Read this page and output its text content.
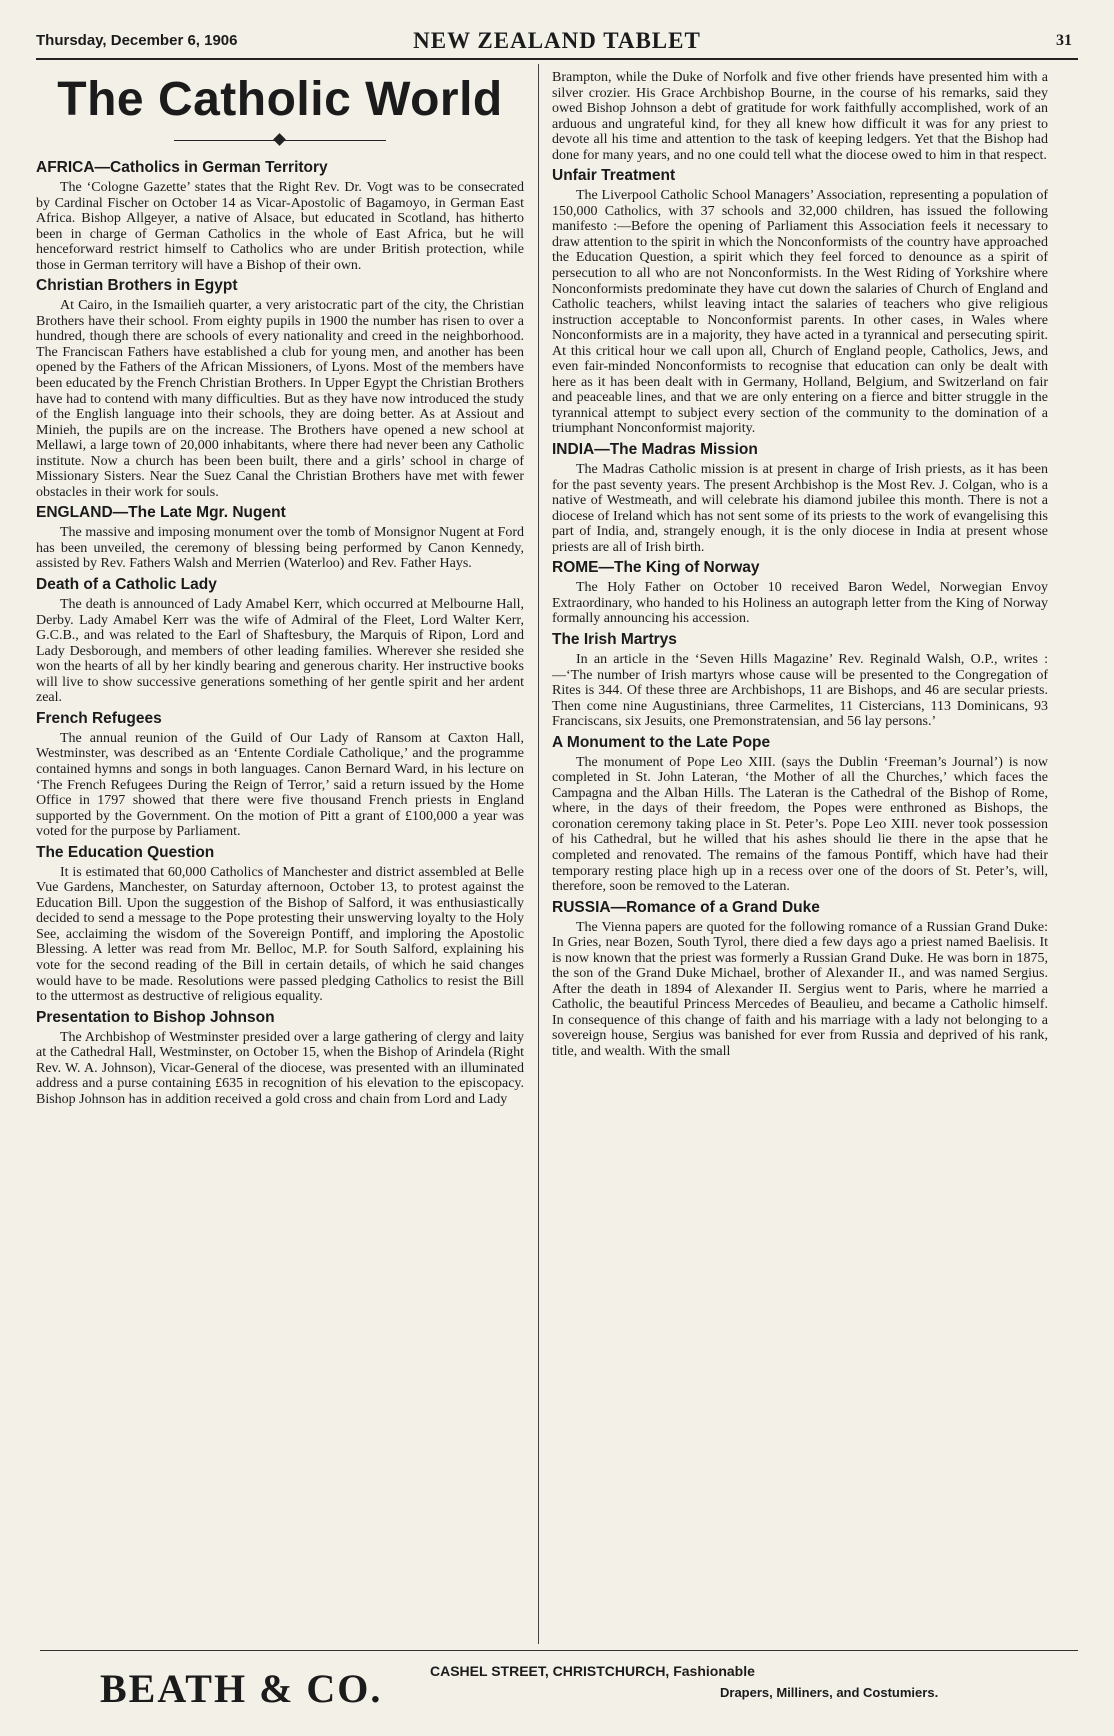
Thursday, December 6, 1906	NEW ZEALAND TABLET	31
The Catholic World
AFRICA—Catholics in German Territory

The ‘Cologne Gazette’ states that the Right Rev. Dr. Vogt was to be consecrated by Cardinal Fischer on October 14 as Vicar-Apostolic of Bagamoyo, in German East Africa. Bishop Allgeyer, a native of Alsace, but educated in Scotland, has hitherto been in charge of German Catholics in the whole of East Africa, but he will henceforward restrict himself to Catholics who are under British protection, while those in German territory will have a Bishop of their own.

Christian Brothers in Egypt

At Cairo, in the Ismailieh quarter, a very aristocratic part of the city, the Christian Brothers have their school. From eighty pupils in 1900 the number has risen to over a hundred, though there are schools of every nationality and creed in the neighborhood. The Franciscan Fathers have established a club for young men, and another has been opened by the Fathers of the African Missioners, of Lyons. Most of the members have been educated by the French Christian Brothers. In Upper Egypt the Christian Brothers have had to contend with many difficulties. But as they have now introduced the study of the English language into their schools, they are doing better. As at Assiout and Minieh, the pupils are on the increase. The Brothers have opened a new school at Mellawi, a large town of 20,000 inhabitants, where there had never been any Catholic institute. Now a church has been been built, there and a girls’ school in charge of Missionary Sisters. Near the Suez Canal the Christian Brothers have met with fewer obstacles in their work for souls.

ENGLAND—The Late Mgr. Nugent

The massive and imposing monument over the tomb of Monsignor Nugent at Ford has been unveiled, the ceremony of blessing being performed by Canon Kennedy, assisted by Rev. Fathers Walsh and Merrien (Waterloo) and Rev. Father Hays.

Death of a Catholic Lady

The death is announced of Lady Amabel Kerr, which occurred at Melbourne Hall, Derby. Lady Amabel Kerr was the wife of Admiral of the Fleet, Lord Walter Kerr, G.C.B., and was related to the Earl of Shaftesbury, the Marquis of Ripon, Lord and Lady Desborough, and members of other leading families. Wherever she resided she won the hearts of all by her kindly bearing and generous charity. Her instructive books will live to show successive generations something of her gentle spirit and her ardent zeal.

French Refugees

The annual reunion of the Guild of Our Lady of Ransom at Caxton Hall, Westminster, was described as an ‘Entente Cordiale Catholique,’ and the programme contained hymns and songs in both languages. Canon Bernard Ward, in his lecture on ‘The French Refugees During the Reign of Terror,’ said a return issued by the Home Office in 1797 showed that there were five thousand French priests in England supported by the Government. On the motion of Pitt a grant of £100,000 a year was voted for the purpose by Parliament.

The Education Question

It is estimated that 60,000 Catholics of Manchester and district assembled at Belle Vue Gardens, Manchester, on Saturday afternoon, October 13, to protest against the Education Bill. Upon the suggestion of the Bishop of Salford, it was enthusiastically decided to send a message to the Pope protesting their unswerving loyalty to the Holy See, acclaiming the wisdom of the Sovereign Pontiff, and imploring the Apostolic Blessing. A letter was read from Mr. Belloc, M.P. for South Salford, explaining his vote for the second reading of the Bill in certain details, of which he said changes would have to be made. Resolutions were passed pledging Catholics to resist the Bill to the uttermost as destructive of religious equality.

Presentation to Bishop Johnson

The Archbishop of Westminster presided over a large gathering of clergy and laity at the Cathedral Hall, Westminster, on October 15, when the Bishop of Arindela (Right Rev. W. A. Johnson), Vicar-General of the diocese, was presented with an illuminated address and a purse containing £635 in recognition of his elevation to the episcopacy. Bishop Johnson has in addition received a gold cross and chain from Lord and Lady

Brampton, while the Duke of Norfolk and five other friends have presented him with a silver crozier. His Grace Archbishop Bourne, in the course of his remarks, said they owed Bishop Johnson a debt of gratitude for work faithfully accomplished, work of an arduous and ungrateful kind, for they all knew how difficult it was for any priest to devote all his time and attention to the task of keeping ledgers. Yet that the Bishop had done for many years, and no one could tell what the diocese owed to him in that respect.

Unfair Treatment

The Liverpool Catholic School Managers’ Association, representing a population of 150,000 Catholics, with 37 schools and 32,000 children, has issued the following manifesto :—Before the opening of Parliament this Association feels it necessary to draw attention to the spirit in which the Nonconformists of the country have approached the Education Question, a spirit which they feel forced to denounce as a spirit of persecution to all who are not Nonconformists. In the West Riding of Yorkshire where Nonconformists predominate they have cut down the salaries of Church of England and Catholic teachers, whilst leaving intact the salaries of teachers who give religious instruction acceptable to Nonconformist parents. In other cases, in Wales where Nonconformists are in a majority, they have acted in a tyrannical and persecuting spirit. At this critical hour we call upon all, Church of England people, Catholics, Jews, and even fair-minded Nonconformists to recognise that education can only be dealt with here as it has been dealt with in Germany, Holland, Belgium, and Switzerland on fair and peaceable lines, and that we are only entering on a fierce and bitter struggle in the tyrannical attempt to subject every section of the community to the domination of a triumphant Nonconformist majority.

INDIA—The Madras Mission

The Madras Catholic mission is at present in charge of Irish priests, as it has been for the past seventy years. The present Archbishop is the Most Rev. J. Colgan, who is a native of Westmeath, and will celebrate his diamond jubilee this month. There is not a diocese of Ireland which has not sent some of its priests to the work of evangelising this part of India, and, strangely enough, it is the only diocese in India at present whose priests are all of Irish birth.

ROME—The King of Norway

The Holy Father on October 10 received Baron Wedel, Norwegian Envoy Extraordinary, who handed to his Holiness an autograph letter from the King of Norway formally announcing his accession.

The Irish Martrys

In an article in the ‘Seven Hills Magazine’ Rev. Reginald Walsh, O.P., writes :—‘The number of Irish martyrs whose cause will be presented to the Congregation of Rites is 344. Of these three are Archbishops, 11 are Bishops, and 46 are secular priests. Then come nine Augustinians, three Carmelites, 11 Cistercians, 113 Dominicans, 93 Franciscans, six Jesuits, one Premonstratensian, and 56 lay persons.’

A Monument to the Late Pope

The monument of Pope Leo XIII. (says the Dublin ‘Freeman’s Journal’) is now completed in St. John Lateran, ‘the Mother of all the Churches,’ which faces the Campagna and the Alban Hills. The Lateran is the Cathedral of the Bishop of Rome, where, in the days of their freedom, the Popes were enthroned as Bishops, the coronation ceremony taking place in St. Peter’s. Pope Leo XIII. never took possession of his Cathedral, but he willed that his ashes should lie there in the apse that he completed and renovated. The remains of the famous Pontiff, which have had their temporary resting place high up in a recess over one of the doors of St. Peter’s, will, therefore, soon be removed to the Lateran.

RUSSIA—Romance of a Grand Duke

The Vienna papers are quoted for the following romance of a Russian Grand Duke: In Gries, near Bozen, South Tyrol, there died a few days ago a priest named Baelisis. It is now known that the priest was formerly a Russian Grand Duke. He was born in 1875, the son of the Grand Duke Michael, brother of Alexander II., and was named Sergius. After the death in 1894 of Alexander II. Sergius went to Paris, where he married a Catholic, the beautiful Princess Mercedes of Beaulieu, and became a Catholic himself. In consequence of this change of faith and his marriage with a lady not belonging to a sovereign house, Sergius was banished for ever from Russia and deprived of his rank, title, and wealth. With the small

BEATH & CO.	CASHEL STREET, CHRISTCHURCH, Fashionable
Drapers, Milliners, and Costumiers.
